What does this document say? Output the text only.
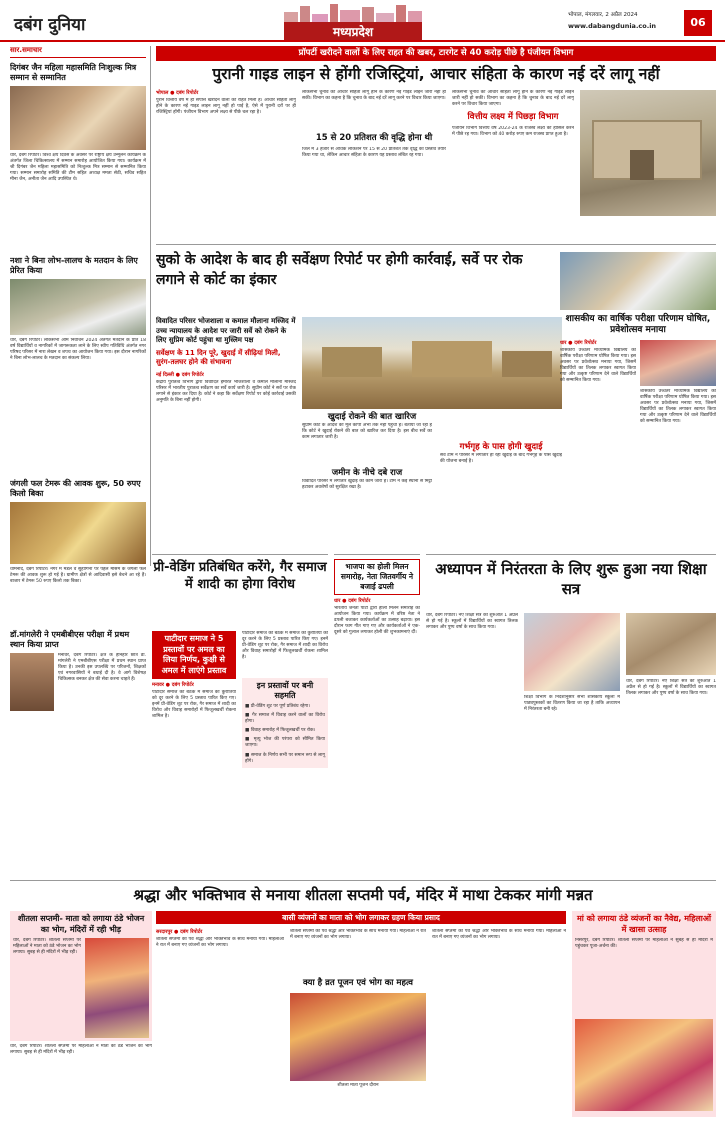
दबंग दुनिया	मध्यप्रदेश
भोपाल, मंगलवार, 2 अप्रैल 2024
www.dabangdunia.co.in	06
सार.समाचार
दिगंबर जैन महिला महासमिति निःशुल्क मित्र सम्मान से सम्मानित
धार, दबंग रिपोर्टर। विश्व क्षय दिवस के अवसर पर राष्ट्रीय क्षय उन्मूलन कार्यक्रम के अंतर्गत जिला चिकित्सालय में सम्मान समारोह आयोजित किया गया। कार्यक्रम में श्री दिगंबर जैन महिला महासमिति को निःशुल्क मित्र सम्मान से सम्मानित किया गया। सम्मान समारोह समिति की टीम सहित अध्यक्ष ममता सेठी, सचिव सहित मीना जैन, अनीता जैन आदि उपस्थित थे।
नशा ने बिना लोभ-लालच के मतदान के लिए प्रेरित किया
धार, दबंग रिपोर्टर। लोकसभा आम निर्वाचन 2024 अंतर्गत मतदान के प्रति 18 वर्ष विद्यार्थियों व नागरिकों में जागरूकता लाने के लिए स्वीप गतिविधि अंतर्गत नगर परिषद परिसर में नारा लेखन व शपथ का आयोजन किया गया। इस दौरान नागरिकों ने बिना लोभ-लालच के मतदान का संकल्प लिया।
जंगली फल टेमरू की आवक शुरू, 50 रुपए किलो बिका
धामनोद, दबंग रिपोर्टर। नगर में मंडल व सुहागिनों पर पहले मौसम के जंगली फल टेमरू की आवक शुरू हो गई है। ग्रामीण क्षेत्रों से आदिवासी इसे बेचने आ रहे हैं। बाजार में टेमरू 50 रुपए किलो तक बिका।
डॉ.मांगलेरी ने एमबीबीएस परीक्षा में प्रथम स्थान किया प्राप्त
मनावर, दबंग रिपोर्टर। क्षेत्र के होनहार छात्र डॉ. मांगलेरी ने एमबीबीएस परीक्षा में प्रथम स्थान प्राप्त किया है। उनकी इस उपलब्धि पर परिजनों, शिक्षकों एवं नगरवासियों ने बधाई दी है। वे आगे विशेषज्ञ चिकित्सक बनकर क्षेत्र की सेवा करना चाहते हैं।
प्रॉपर्टी खरीदने वालों के लिए राहत की खबर, टारगेट से 40 करोड़ पीछे है पंजीयन विभाग
पुरानी गाइड लाइन से होंगी रजिस्ट्रियां, आचार संहिता के कारण नई दरें लागू नहीं
भोपाल ● दबंग रिपोर्टर
पुराने वित्तीय वर्ष में ही संपत्ति खरीदने वालों को राहत मिली है। आचार संहिता लागू होने के कारण नई गाइड लाइन लागू नहीं हो पाई है, ऐसे में पुरानी दरों पर ही रजिस्ट्रियां होंगी। पंजीयन विभाग अपने लक्ष्य से पीछे चल रहा है।
लोकसभा चुनाव की आचार संहिता लागू होने के कारण नई गाइड लाइन जारी नहीं हो सकी। विभाग का कहना है कि चुनाव के बाद नई दरें लागू करने पर विचार किया जाएगा।
15 से 20 प्रतिशत की वृद्धि होना थी
जिले में 3 हजार से अधिक लोकेशन पर 15 से 20 प्रतिशत तक वृद्धि का प्रस्ताव तैयार किया गया था, लेकिन आचार संहिता के कारण यह प्रस्ताव लंबित रह गया।
लोकसभा चुनाव की आचार संहिता लागू होने के कारण नई गाइड लाइन जारी नहीं हो सकी। विभाग का कहना है कि चुनाव के बाद नई दरें लागू करने पर विचार किया जाएगा।
वित्तीय लक्ष्य में पिछड़ा विभाग
पंजीयन विभाग वित्तीय वर्ष 2023-24 के राजस्व लक्ष्य को हासिल करने में पीछे रह गया। विभाग को 40 करोड़ रुपए कम राजस्व प्राप्त हुआ है।
सुको के आदेश के बाद ही सर्वेक्षण रिपोर्ट पर होगी कार्रवाई, सर्वे पर रोक लगाने से कोर्ट का इंकार
विवादित परिसर भोजशाला व कमाल मौलाना मस्जिद में उच्च न्यायालय के आदेश पर जारी सर्वे को रोकने के लिए सुप्रिम कोर्ट पहुंचा था मुस्लिम पक्ष
सर्वेक्षण के 11 दिन पूरे, खुदाई में सीढ़ियां मिली, सुरंग-तलघर होने की संभावना
नई दिल्ली ● दबंग रिपोर्टर
केंद्रीय पुरातत्व विभाग द्वारा विवादित इमारत भोजशाला व कमाल मौलाना मस्जिद परिसर में भारतीय पुरातत्व सर्वेक्षण का सर्वे कार्य जारी है। सुप्रीम कोर्ट ने सर्वे पर रोक लगाने से इंकार कर दिया है। कोर्ट ने कहा कि सर्वेक्षण रिपोर्ट पर कोई कार्रवाई उसकी अनुमति के बिना नहीं होगी।
खुदाई रोकने की बात खारिज
सुप्रीम कोर्ट के आदेश की मूल कॉपी अभी तक नहीं पहुंची है। बताया जा रहा है कि कोर्ट ने खुदाई रोकने की बात को खारिज कर दिया है। इस बीच सर्वे का काम लगातार जारी है।
जमीन के नीचे दबे राज
विवादित परिसर में लगातार खुदाई का काम जारी है। टीम ने कई स्थानों से मिट्टी हटाकर अवशेषों को सुरक्षित रखा है।
गर्भगृह के पास होगी खुदाई
सर्वे टीम ने परिसर में लगातार हो रही खुदाई के बाद गर्भगृह के पास खुदाई की योजना बनाई है।
शासकीय का वार्षिक परीक्षा परिणाम घोषित, प्रवेशोत्सव मनाया
धार ● दबंग रिपोर्टर
शासकीय उच्चतर माध्यमिक विद्यालय का वार्षिक परीक्षा परिणाम घोषित किया गया। इस अवसर पर प्रवेशोत्सव मनाया गया, जिसमें विद्यार्थियों का तिलक लगाकर स्वागत किया गया और उत्कृष्ट परिणाम देने वाले विद्यार्थियों को सम्मानित किया गया।
शासकीय उच्चतर माध्यमिक विद्यालय का वार्षिक परीक्षा परिणाम घोषित किया गया। इस अवसर पर प्रवेशोत्सव मनाया गया, जिसमें विद्यार्थियों का तिलक लगाकर स्वागत किया गया और उत्कृष्ट परिणाम देने वाले विद्यार्थियों को सम्मानित किया गया।
प्री-वेडिंग प्रतिबंधित करेंगे, गैर समाज में शादी का होगा विरोध
पाटीदार समाज ने 5 प्रस्तावों पर अमल का लिया निर्णय, कुक्षी से अमल में लाएंगे प्रस्ताव
मनावर ● दबंग रिपोर्टर
पाटीदार समाज की बैठक में समाज की कुरीतियों को दूर करने के लिए 5 प्रस्ताव पारित किए गए। इनमें प्री-वेडिंग शूट पर रोक, गैर समाज में शादी का विरोध और विवाह समारोहों में फिजूलखर्ची रोकना शामिल है।
पाटीदार समाज की बैठक में समाज की कुरीतियों को दूर करने के लिए 5 प्रस्ताव पारित किए गए। इनमें प्री-वेडिंग शूट पर रोक, गैर समाज में शादी का विरोध और विवाह समारोहों में फिजूलखर्ची रोकना शामिल है।
इन प्रस्तावों पर बनी सहमति
■ प्री-वेडिंग शूट पर पूर्ण प्रतिबंध रहेगा।
■ गैर समाज में विवाह करने वालों का विरोध होगा।
■ विवाह समारोह में फिजूलखर्ची पर रोक।
■ मृत्यु भोज की परंपरा को सीमित किया जाएगा।
■ समाज के निर्णय सभी पर समान रूप से लागू होंगे।
भाजपा का होली मिलन समारोह, नेता जितवर्गीय ने बजाई ढपली
धार ● दबंग रिपोर्टर
भारतीय जनता पार्टी द्वारा होली मिलन समारोह का आयोजन किया गया। कार्यक्रम में वरिष्ठ नेता ने ढपली बजाकर कार्यकर्ताओं का उत्साह बढ़ाया। इस दौरान फाग गीत गाए गए और कार्यकर्ताओं ने एक-दूसरे को गुलाल लगाकर होली की शुभकामनाएं दीं।
अध्यापन में निरंतरता के लिए शुरू हुआ नया शिक्षा सत्र
धार, दबंग रिपोर्टर। नए शिक्षा सत्र की शुरुआत 1 अप्रैल से हो गई है। स्कूलों में विद्यार्थियों का स्वागत तिलक लगाकर और पुष्प वर्षा के साथ किया गया।
शिक्षा विभाग के निर्देशानुसार सभी शासकीय स्कूलों में पाठ्यपुस्तकों का वितरण किया जा रहा है ताकि अध्यापन में निरंतरता बनी रहे।
धार, दबंग रिपोर्टर। नए शिक्षा सत्र की शुरुआत 1 अप्रैल से हो गई है। स्कूलों में विद्यार्थियों का स्वागत तिलक लगाकर और पुष्प वर्षा के साथ किया गया।
श्रद्धा और भक्तिभाव से मनाया शीतला सप्तमी पर्व, मंदिर में माथा टेककर मांगी मन्नत
शीतला सप्तमी- माता को लगाया ठंडे भोजन का भोग, मंदिरों में रही भीड़
धार, दबंग रिपोर्टर। शीतला सप्तमी पर महिलाओं ने माता को ठंडे भोजन का भोग लगाया। सुबह से ही मंदिरों में भीड़ रही।
धार, दबंग रिपोर्टर। शीतला सप्तमी पर महिलाओं ने माता को ठंडे भोजन का भोग लगाया। सुबह से ही मंदिरों में भीड़ रही।
बासी व्यंजनों का माता को भोग लगाकर ग्रहण किया प्रसाद
सरदारपुर ● दबंग रिपोर्टर
शीतला सप्तमी का पर्व श्रद्धा और भक्तिभाव के साथ मनाया गया। महिलाओं ने रात में बनाए गए व्यंजनों का भोग लगाया।
शीतला सप्तमी का पर्व श्रद्धा और भक्तिभाव के साथ मनाया गया। महिलाओं ने रात में बनाए गए व्यंजनों का भोग लगाया।
क्या है व्रत पूजन एवं भोग का महत्व
शीतला माता पूजन दौरान
शीतला सप्तमी का पर्व श्रद्धा और भक्तिभाव के साथ मनाया गया। महिलाओं ने रात में बनाए गए व्यंजनों का भोग लगाया।
मां को लगाया ठंडे व्यंजनों का नैवेद्य, महिलाओं में खासा उत्साह
निसरपुर, दबंग रिपोर्टर। शीतला सप्तमी पर महिलाओं ने सुबह से ही मंदिरों में पहुंचकर पूजा-अर्चना की।
